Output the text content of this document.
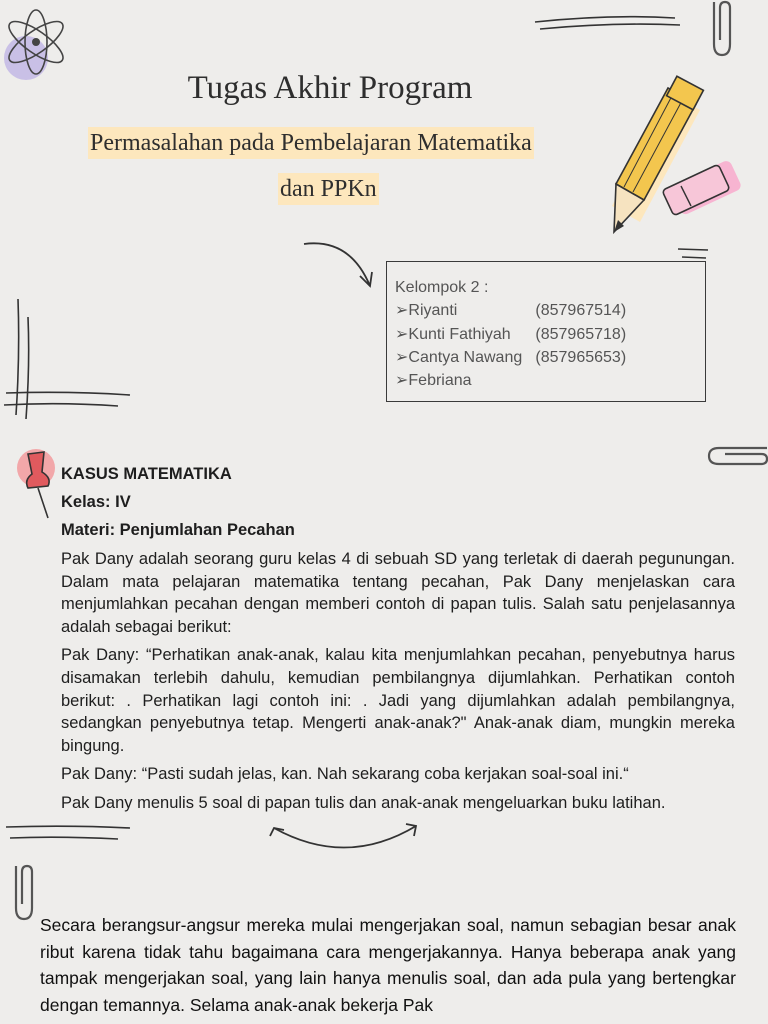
Tugas Akhir Program
Permasalahan pada Pembelajaran Matematika
dan PPKn
Kelompok 2 :
➢Riyanti	(857967514)
➢Kunti Fathiyah (857965718)
➢Cantya Nawang (857965653)
➢Febriana
KASUS MATEMATIKA
Kelas: IV
Materi: Penjumlahan Pecahan

Pak Dany adalah seorang guru kelas 4 di sebuah SD yang terletak di daerah pegunungan. Dalam mata pelajaran matematika tentang pecahan, Pak Dany menjelaskan cara menjumlahkan pecahan dengan memberi contoh di papan tulis. Salah satu penjelasannya adalah sebagai berikut:

Pak Dany: “Perhatikan anak-anak, kalau kita menjumlahkan pecahan, penyebutnya harus disamakan terlebih dahulu, kemudian pembilangnya dijumlahkan. Perhatikan contoh berikut: . Perhatikan lagi contoh ini: . Jadi yang dijumlahkan adalah pembilangnya, sedangkan penyebutnya tetap. Mengerti anak-anak?" Anak-anak diam, mungkin mereka bingung.

Pak Dany: “Pasti sudah jelas, kan. Nah sekarang coba kerjakan soal-soal ini.“

Pak Dany menulis 5 soal di papan tulis dan anak-anak mengeluarkan buku latihan.

Secara berangsur-angsur mereka mulai mengerjakan soal, namun sebagian besar anak ribut karena tidak tahu bagaimana cara mengerjakannya. Hanya beberapa anak yang tampak mengerjakan soal, yang lain hanya menulis soal, dan ada pula yang bertengkar dengan temannya. Selama anak-anak bekerja Pak
